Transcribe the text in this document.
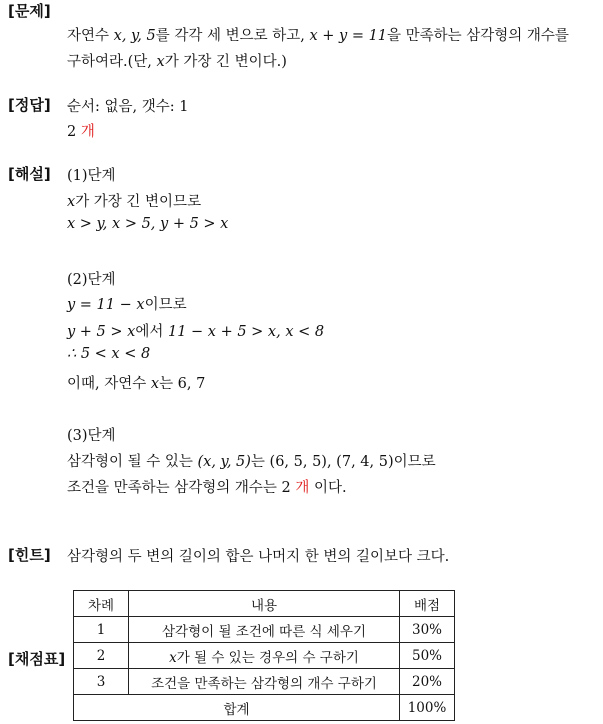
[문제]
자연수 x, y, 5를 각각 세 변으로 하고, x + y = 11을 만족하는 삼각형의 개수를
구하여라.(단, x가 가장 긴 변이다.)
[정답] 순서: 없음, 갯수: 1
2 개
[해설] (1)단계
x가 가장 긴 변이므로
x > y, x > 5, y + 5 > x
(2)단계
y = 11 − x이므로
y + 5 > x에서 11 − x + 5 > x, x < 8
∴ 5 < x < 8
이때, 자연수 x는 6, 7
(3)단계
삼각형이 될 수 있는 (x, y, 5)는 (6, 5, 5), (7, 4, 5)이므로
조건을 만족하는 삼각형의 개수는 2 개 이다.
[힌트] 삼각형의 두 변의 길이의 합은 나머지 한 변의 길이보다 크다.
[채점표]
차례	내용	배점
1	삼각형이 될 조건에 따른 식 세우기	30%
2	x가 될 수 있는 경우의 수 구하기	50%
3	조건을 만족하는 삼각형의 개수 구하기	20%
합계		100%
